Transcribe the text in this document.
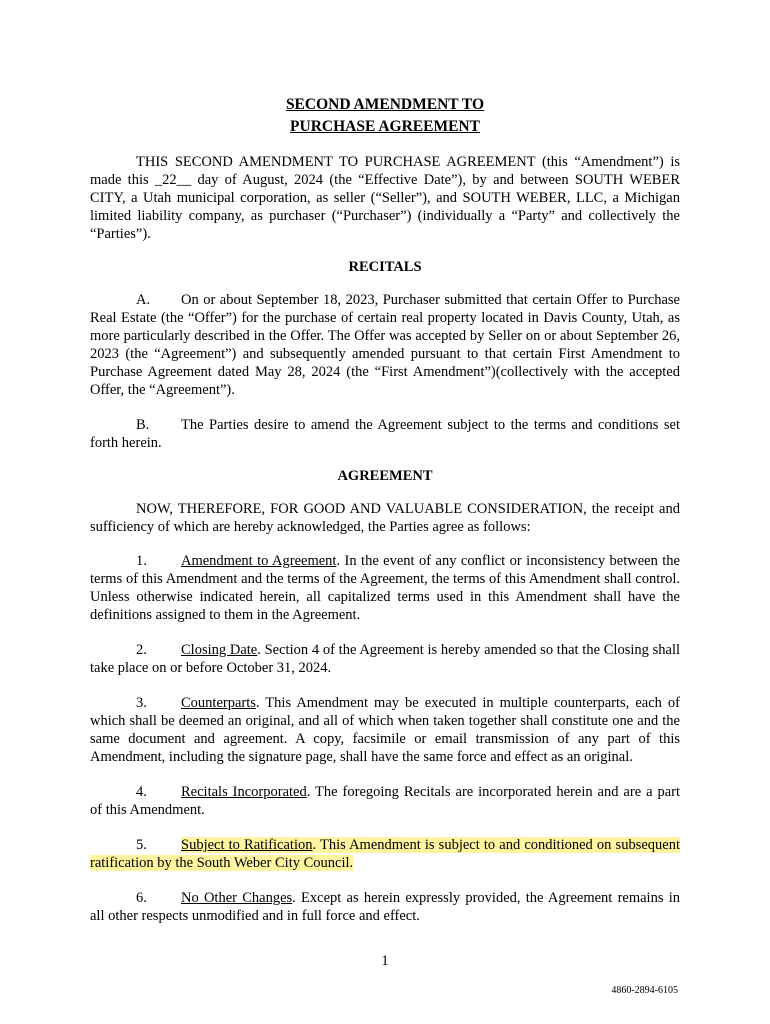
SECOND AMENDMENT TO
PURCHASE AGREEMENT
THIS SECOND AMENDMENT TO PURCHASE AGREEMENT (this “Amendment”) is made this _22__ day of August, 2024 (the “Effective Date”), by and between SOUTH WEBER CITY, a Utah municipal corporation, as seller (“Seller”), and SOUTH WEBER, LLC, a Michigan limited liability company, as purchaser (“Purchaser”) (individually a “Party” and collectively the “Parties”).
RECITALS
A. On or about September 18, 2023, Purchaser submitted that certain Offer to Purchase Real Estate (the “Offer”) for the purchase of certain real property located in Davis County, Utah, as more particularly described in the Offer. The Offer was accepted by Seller on or about September 26, 2023 (the “Agreement”) and subsequently amended pursuant to that certain First Amendment to Purchase Agreement dated May 28, 2024 (the “First Amendment”)(collectively with the accepted Offer, the “Agreement”).
B. The Parties desire to amend the Agreement subject to the terms and conditions set forth herein.
AGREEMENT
NOW, THEREFORE, FOR GOOD AND VALUABLE CONSIDERATION, the receipt and sufficiency of which are hereby acknowledged, the Parties agree as follows:
1. Amendment to Agreement. In the event of any conflict or inconsistency between the terms of this Amendment and the terms of the Agreement, the terms of this Amendment shall control. Unless otherwise indicated herein, all capitalized terms used in this Amendment shall have the definitions assigned to them in the Agreement.
2. Closing Date. Section 4 of the Agreement is hereby amended so that the Closing shall take place on or before October 31, 2024.
3. Counterparts. This Amendment may be executed in multiple counterparts, each of which shall be deemed an original, and all of which when taken together shall constitute one and the same document and agreement. A copy, facsimile or email transmission of any part of this Amendment, including the signature page, shall have the same force and effect as an original.
4. Recitals Incorporated. The foregoing Recitals are incorporated herein and are a part of this Amendment.
5. Subject to Ratification. This Amendment is subject to and conditioned on subsequent ratification by the South Weber City Council.
6. No Other Changes. Except as herein expressly provided, the Agreement remains in all other respects unmodified and in full force and effect.
1
4860-2894-6105
